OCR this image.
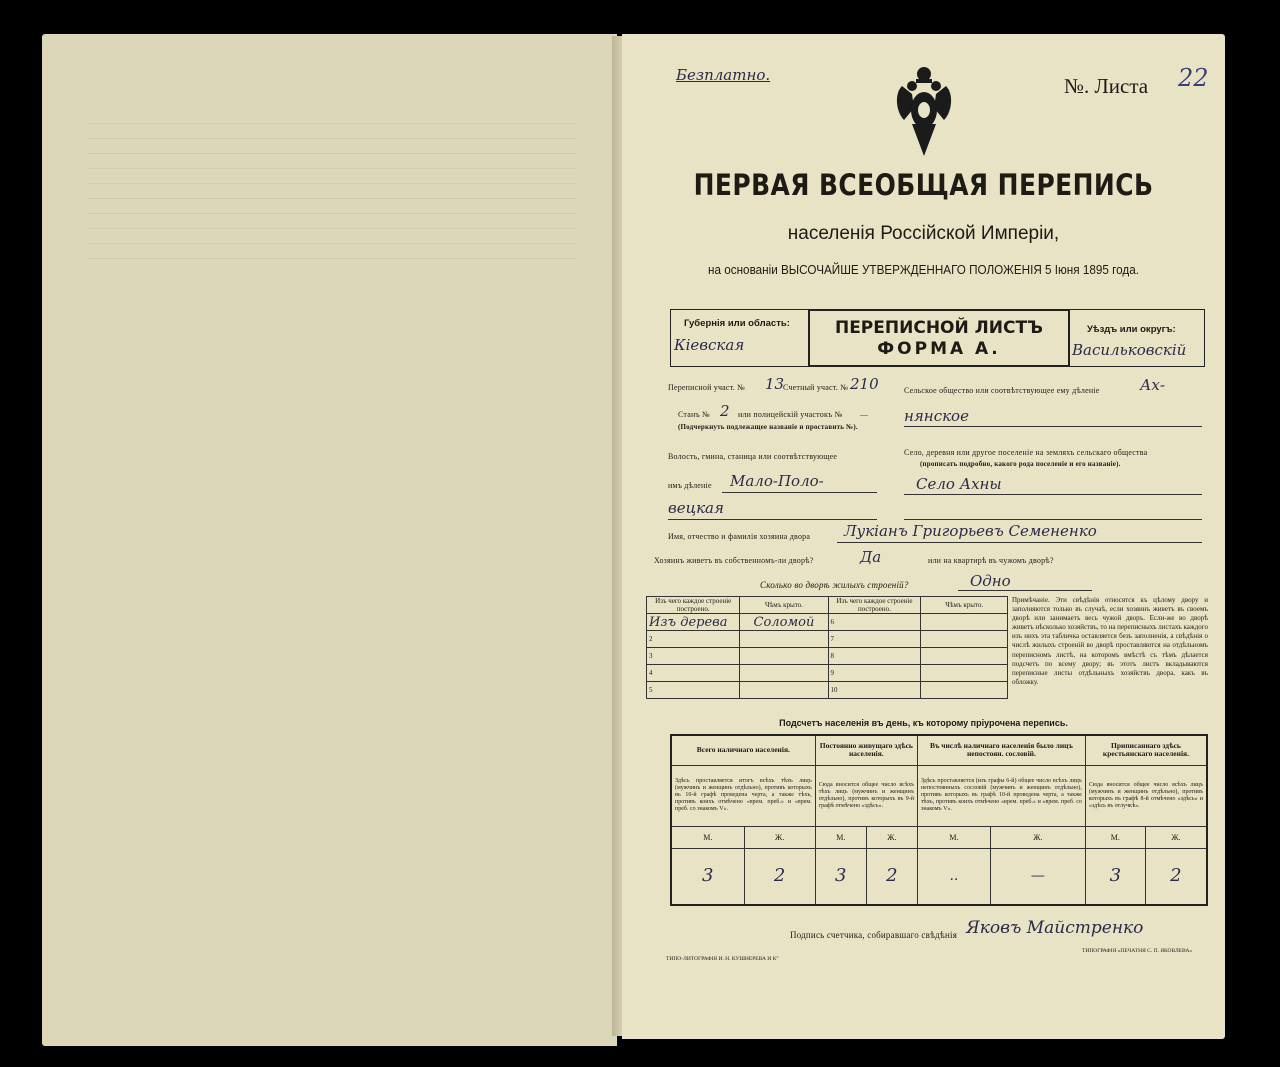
Безплатно.	№. Листа 22
ПЕРВАЯ ВСЕОБЩАЯ ПЕРЕПИСЬ
населенія Россійской Имперіи,
на основаніи ВЫСОЧАЙШЕ УТВЕРЖДЕННАГО ПОЛОЖЕНІЯ 5 Іюня 1895 года.
Губернія или область:
Кіевская
ПЕРЕПИСНОЙ ЛИСТЪ
ФОРМА А.
Уѣздъ или округъ:
Васильковскій
Переписной участ. № 13
Счетный участ. № 210
Станъ № 2 или полицейскій участокъ № —
(Подчеркнуть подлежащее названіе и проставить №).
Волость, гмина, станица или соотвѣтствующее
имъ дѣленіе Мало-Поло-
вецкая
Сельское общество или соотвѣтствующее ему дѣленіе	Ах-
нянское
Село, деревня или другое поселеніе на земляхъ сельскаго общества
(прописать подробно, какого рода поселеніе и его названіе).
Село Ахны
Имя, отчество и фамилія хозяина двора Лукіанъ Григорьевъ Семененко
Хозяинъ живетъ въ собственномъ-ли дворѣ?	Да	или на квартирѣ въ чужомъ дворѣ?
Сколько во дворѣ жилыхъ строеній?	Одно
Изъ чего каждое строеніе построено.	Чѣмъ крыто.	Изъ чего каждое строеніе построено.	Чѣмъ крыто.
Изъ дерева	Соломой	6	
2		7	
3		8	
4		9	
5		10	
Примѣчаніе. Эти свѣдѣнія относятся къ цѣлому двору и заполняются только въ случаѣ, если хозяинъ живетъ въ своемъ дворѣ или занимаетъ весь чужой дворъ. Если-же во дворѣ живетъ нѣсколько хозяйствъ, то на переписныхъ листахъ каждого изъ нихъ эта табличка оставляется безъ заполненія, а свѣдѣнія о числѣ жилыхъ строеній во дворѣ проставляются на отдѣльномъ переписномъ листѣ, на которомъ вмѣстѣ съ тѣмъ дѣлается подсчетъ по всему двору; въ этотъ листъ вкладываются переписные листы отдѣльныхъ хозяйствъ двора, какъ въ обложку.
Подсчетъ населенія въ день, къ которому пріурочена перепись.
Всего наличнаго населенія.		Постоянно живущаго здѣсь населенія.		Въ числѣ наличнаго населенія было лицъ непостоян. сословій.		Приписаннаго здѣсь крестьянскаго населенія.	
Здѣсь проставляется итогъ всѣхъ тѣхъ лицъ (мужчинъ и женщинъ отдѣльно), противъ которыхъ въ 10-й графѣ проведена черта, а также тѣхъ, противъ коихъ отмѣчено «врем. преб.» и «врем. преб. со знакомъ V».		Сюда вносится общее число всѣхъ тѣхъ лицъ (мужчинъ и женщинъ отдѣльно), противъ которыхъ въ 9-й графѣ отмѣчено «здѣсь».		Здѣсь проставляется (изъ графы 6-й) общее число всѣхъ лицъ непостоянныхъ сословій (мужчинъ и женщинъ отдѣльно), противъ которыхъ въ графѣ 10-й проведена черта, а также тѣхъ, противъ коихъ отмѣчено «врем. преб.» и «врем. преб. со знакомъ V».		Сюда вносится общее число всѣхъ лицъ (мужчинъ и женщинъ отдѣльно), противъ которыхъ въ графѣ 8-й отмѣчено «здѣсь» и «здѣсь въ отлучкѣ».	
М.	Ж.	М.	Ж.	М.	Ж.	М.	Ж.
3	2	3	2	..	—	3	2
Подпись счетчика, собиравшаго свѣдѣнія Яковъ Майстренко
ТИПО-ЛИТОГРАФІЯ И. Н. КУШНЕРЕВА И К°
ТИПОГРАФІЯ «ПЕЧАТНЯ С. П. ЯКОВЛЕВА»
